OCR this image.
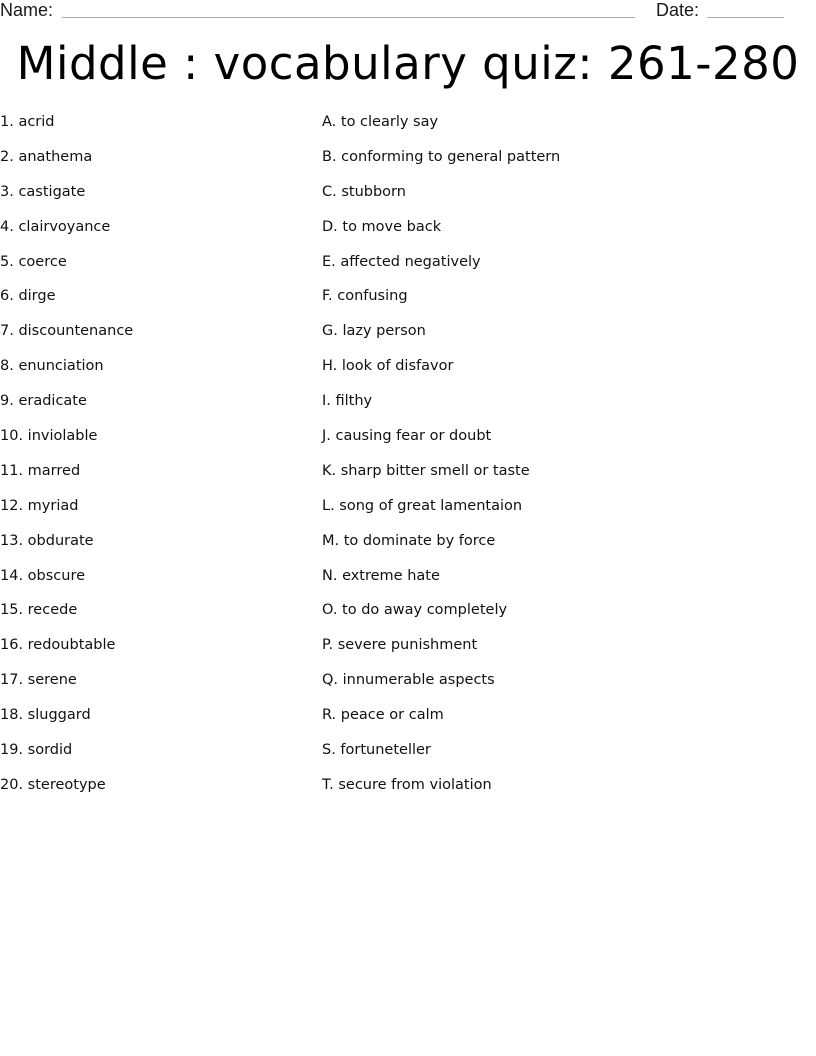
Name:	Date:
Middle : vocabulary quiz: 261-280
1. acrid
2. anathema
3. castigate
4. clairvoyance
5. coerce
6. dirge
7. discountenance
8. enunciation
9. eradicate
10. inviolable
11. marred
12. myriad
13. obdurate
14. obscure
15. recede
16. redoubtable
17. serene
18. sluggard
19. sordid
20. stereotype
A. to clearly say
B. conforming to general pattern
C. stubborn
D. to move back
E. affected negatively
F. confusing
G. lazy person
H. look of disfavor
I. filthy
J. causing fear or doubt
K. sharp bitter smell or taste
L. song of great lamentaion
M. to dominate by force
N. extreme hate
O. to do away completely
P. severe punishment
Q. innumerable aspects
R. peace or calm
S. fortuneteller
T. secure from violation
